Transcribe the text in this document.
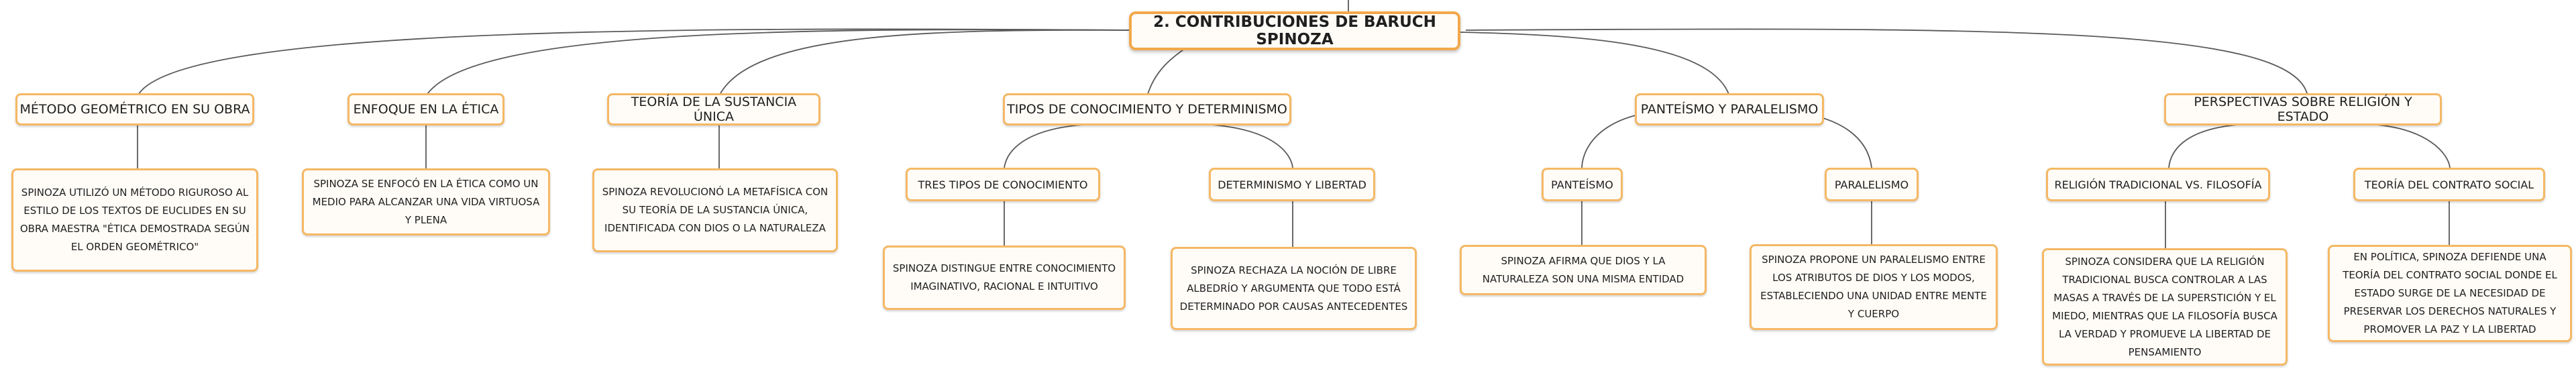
2. CONTRIBUCIONES DE BARUCH SPINOZA
MÉTODO GEOMÉTRICO EN SU OBRA	ENFOQUE EN LA ÉTICA	TEORÍA DE LA SUSTANCIA ÚNICA	TIPOS DE CONOCIMIENTO Y DETERMINISMO	PANTEÍSMO Y PARALELISMO	PERSPECTIVAS SOBRE RELIGIÓN Y ESTADO
TRES TIPOS DE CONOCIMIENTO	DETERMINISMO Y LIBERTAD	PANTEÍSMO	PARALELISMO	RELIGIÓN TRADICIONAL VS. FILOSOFÍA	TEORÍA DEL CONTRATO SOCIAL
SPINOZA UTILIZÓ UN MÉTODO RIGUROSO AL ESTILO DE LOS TEXTOS DE EUCLIDES EN SU OBRA MAESTRA "ÉTICA DEMOSTRADA SEGÚN EL ORDEN GEOMÉTRICO"
SPINOZA SE ENFOCÓ EN LA ÉTICA COMO UN MEDIO PARA ALCANZAR UNA VIDA VIRTUOSA Y PLENA
SPINOZA REVOLUCIONÓ LA METAFÍSICA CON SU TEORÍA DE LA SUSTANCIA ÚNICA, IDENTIFICADA CON DIOS O LA NATURALEZA
SPINOZA DISTINGUE ENTRE CONOCIMIENTO IMAGINATIVO, RACIONAL E INTUITIVO
SPINOZA RECHAZA LA NOCIÓN DE LIBRE ALBEDRÍO Y ARGUMENTA QUE TODO ESTÁ DETERMINADO POR CAUSAS ANTECEDENTES
SPINOZA AFIRMA QUE DIOS Y LA NATURALEZA SON UNA MISMA ENTIDAD
SPINOZA PROPONE UN PARALELISMO ENTRE LOS ATRIBUTOS DE DIOS Y LOS MODOS, ESTABLECIENDO UNA UNIDAD ENTRE MENTE Y CUERPO
SPINOZA CONSIDERA QUE LA RELIGIÓN TRADICIONAL BUSCA CONTROLAR A LAS MASAS A TRAVÉS DE LA SUPERSTICIÓN Y EL MIEDO, MIENTRAS QUE LA FILOSOFÍA BUSCA LA VERDAD Y PROMUEVE LA LIBERTAD DE PENSAMIENTO
EN POLÍTICA, SPINOZA DEFIENDE UNA TEORÍA DEL CONTRATO SOCIAL DONDE EL ESTADO SURGE DE LA NECESIDAD DE PRESERVAR LOS DERECHOS NATURALES Y PROMOVER LA PAZ Y LA LIBERTAD
